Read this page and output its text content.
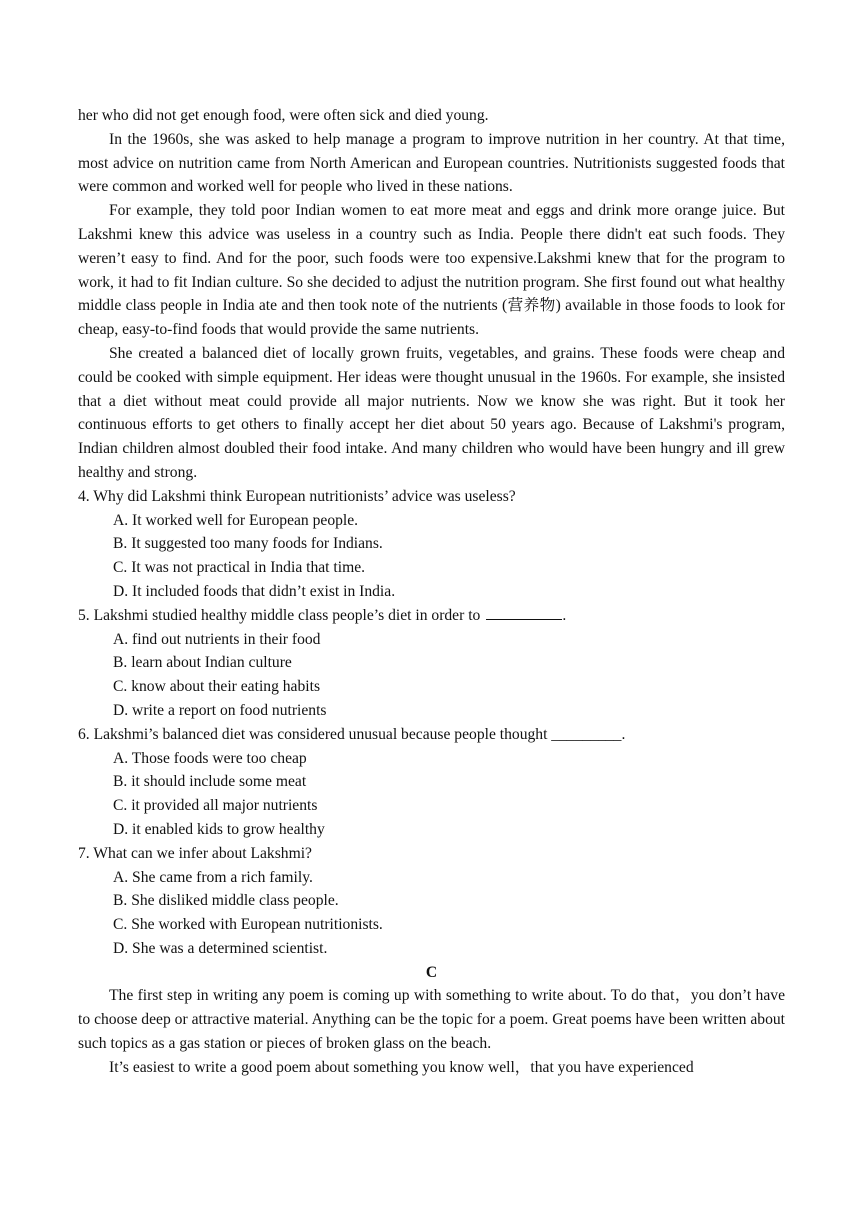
her who did not get enough food, were often sick and died young.

In the 1960s, she was asked to help manage a program to improve nutrition in her country. At that time, most advice on nutrition came from North American and European countries. Nutritionists suggested foods that were common and worked well for people who lived in these nations.

For example, they told poor Indian women to eat more meat and eggs and drink more orange juice. But Lakshmi knew this advice was useless in a country such as India. People there didn't eat such foods. They weren’t easy to find. And for the poor, such foods were too expensive.Lakshmi knew that for the program to work, it had to fit Indian culture. So she decided to adjust the nutrition program. She first found out what healthy middle class people in India ate and then took note of the nutrients (营养物) available in those foods to look for cheap, easy-to-find foods that would provide the same nutrients.

She created a balanced diet of locally grown fruits, vegetables, and grains. These foods were cheap and could be cooked with simple equipment. Her ideas were thought unusual in the 1960s. For example, she insisted that a diet without meat could provide all major nutrients. Now we know she was right. But it took her continuous efforts to get others to finally accept her diet about 50 years ago. Because of Lakshmi's program, Indian children almost doubled their food intake. And many children who would have been hungry and ill grew healthy and strong.

4. Why did Lakshmi think European nutritionists’ advice was useless?
A. It worked well for European people.
B. It suggested too many foods for Indians.
C. It was not practical in India that time.
D. It included foods that didn’t exist in India.
5. Lakshmi studied healthy middle class people’s diet in order to	.
A. find out nutrients in their food
B. learn about Indian culture
C. know about their eating habits
D. write a report on food nutrients
6. Lakshmi’s balanced diet was considered unusual because people thought _________.
A. Those foods were too cheap
B. it should include some meat
C. it provided all major nutrients
D. it enabled kids to grow healthy
7. What can we infer about Lakshmi?
A. She came from a rich family.
B. She disliked middle class people.
C. She worked with European nutritionists.
D. She was a determined scientist.
C

The first step in writing any poem is coming up with something to write about. To do that，you don’t have to choose deep or attractive material. Anything can be the topic for a poem. Great poems have been written about such topics as a gas station or pieces of broken glass on the beach.

It’s easiest to write a good poem about something you know well，that you have experienced
